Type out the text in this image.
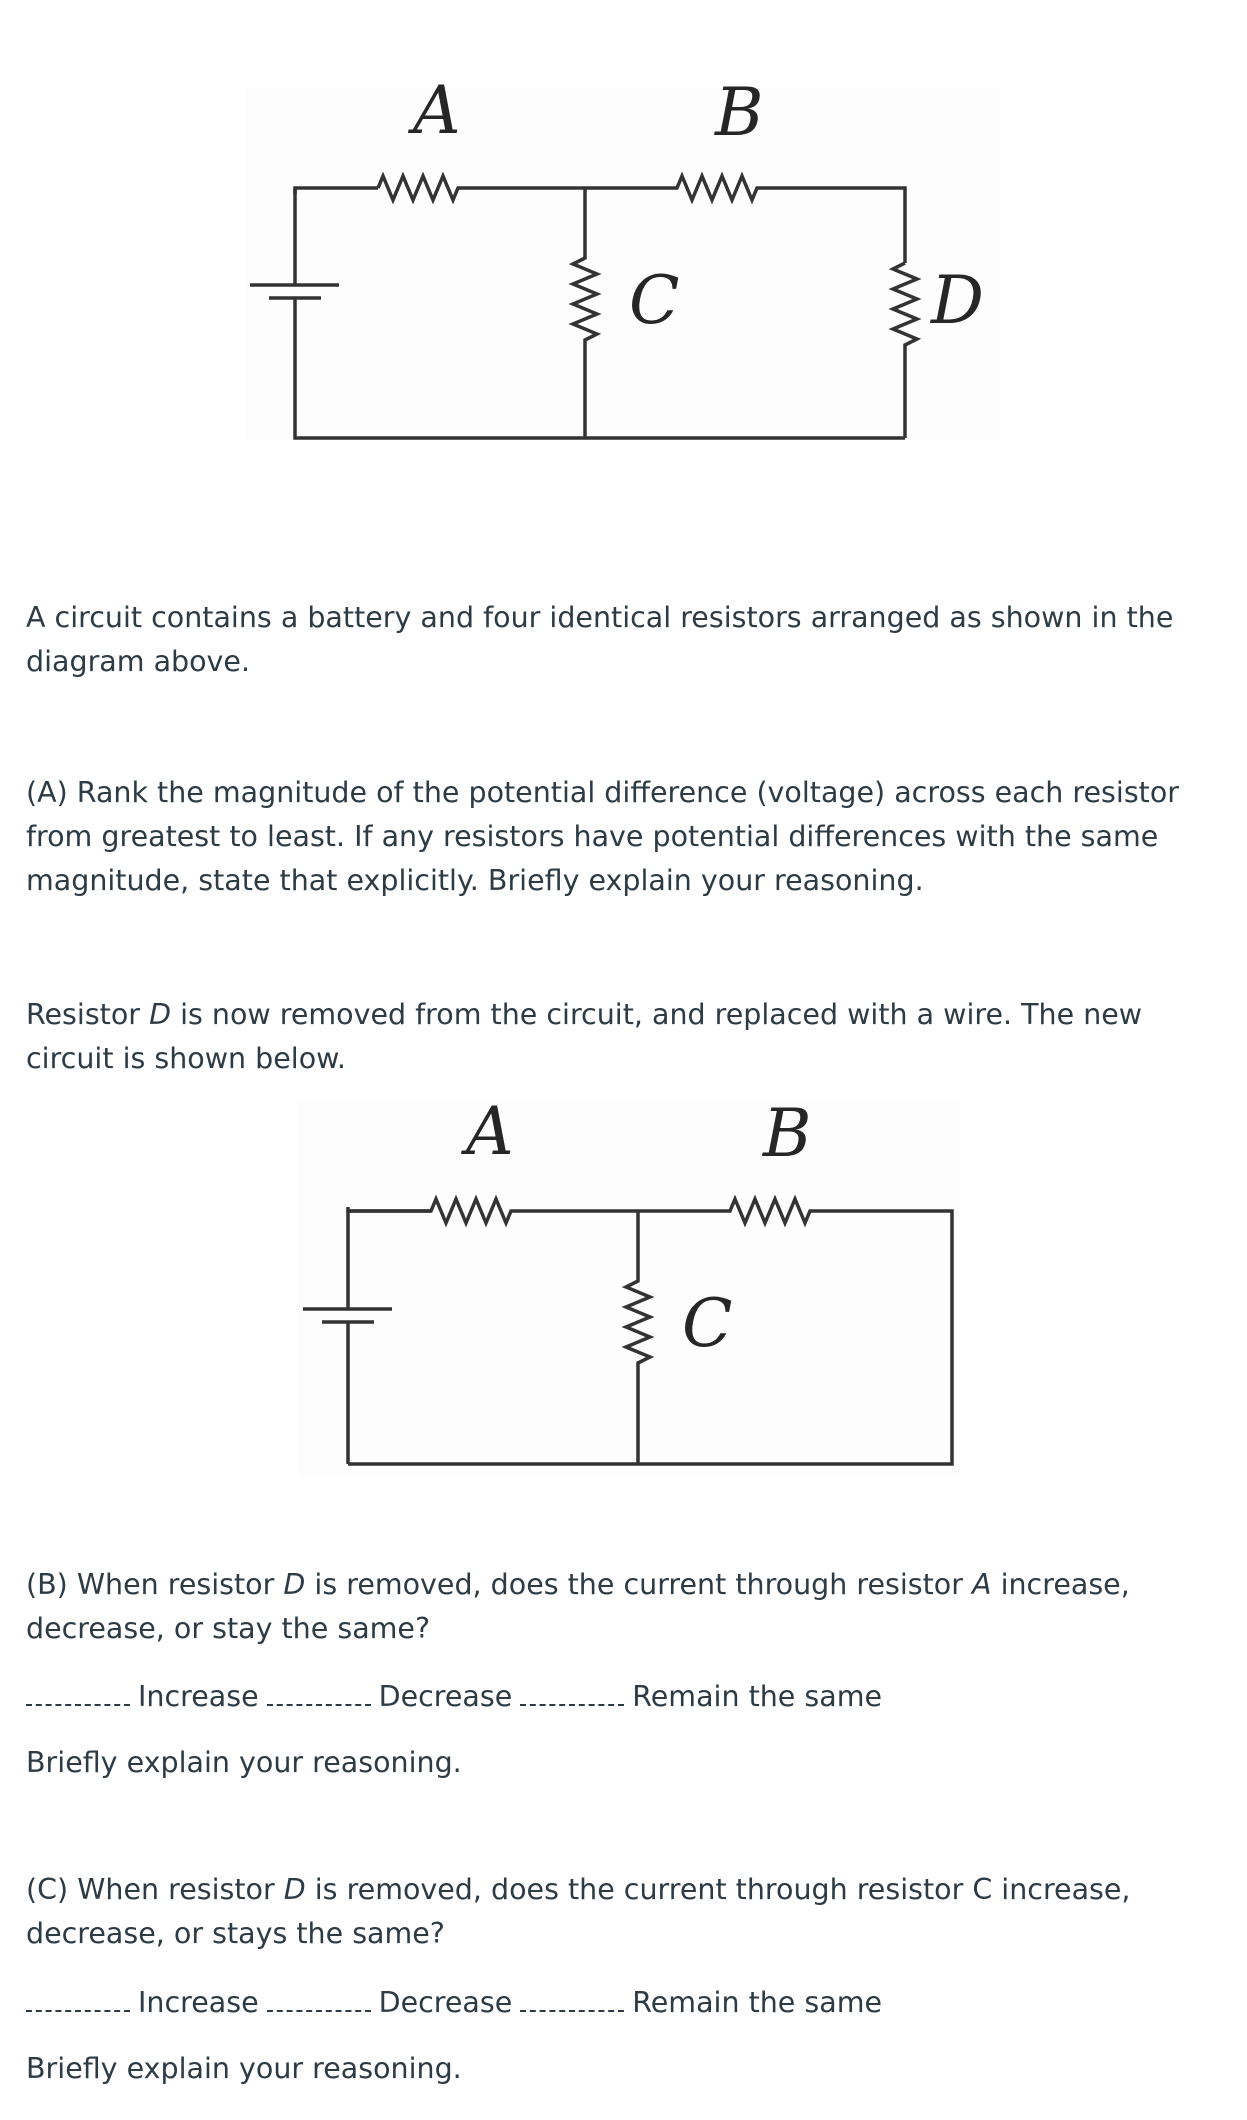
A	B
C	D

A circuit contains a battery and four identical resistors arranged as shown in the diagram above.

(A) Rank the magnitude of the potential difference (voltage) across each resistor from greatest to least. If any resistors have potential differences with the same magnitude, state that explicitly. Briefly explain your reasoning.

Resistor D is now removed from the circuit, and replaced with a wire. The new circuit is shown below.

A	B
C

(B) When resistor D is removed, does the current through resistor A increase, decrease, or stay the same?

Increase	Decrease	Remain the same

Briefly explain your reasoning.

(C) When resistor D is removed, does the current through resistor C increase, decrease, or stays the same?

Increase	Decrease	Remain the same

Briefly explain your reasoning.
